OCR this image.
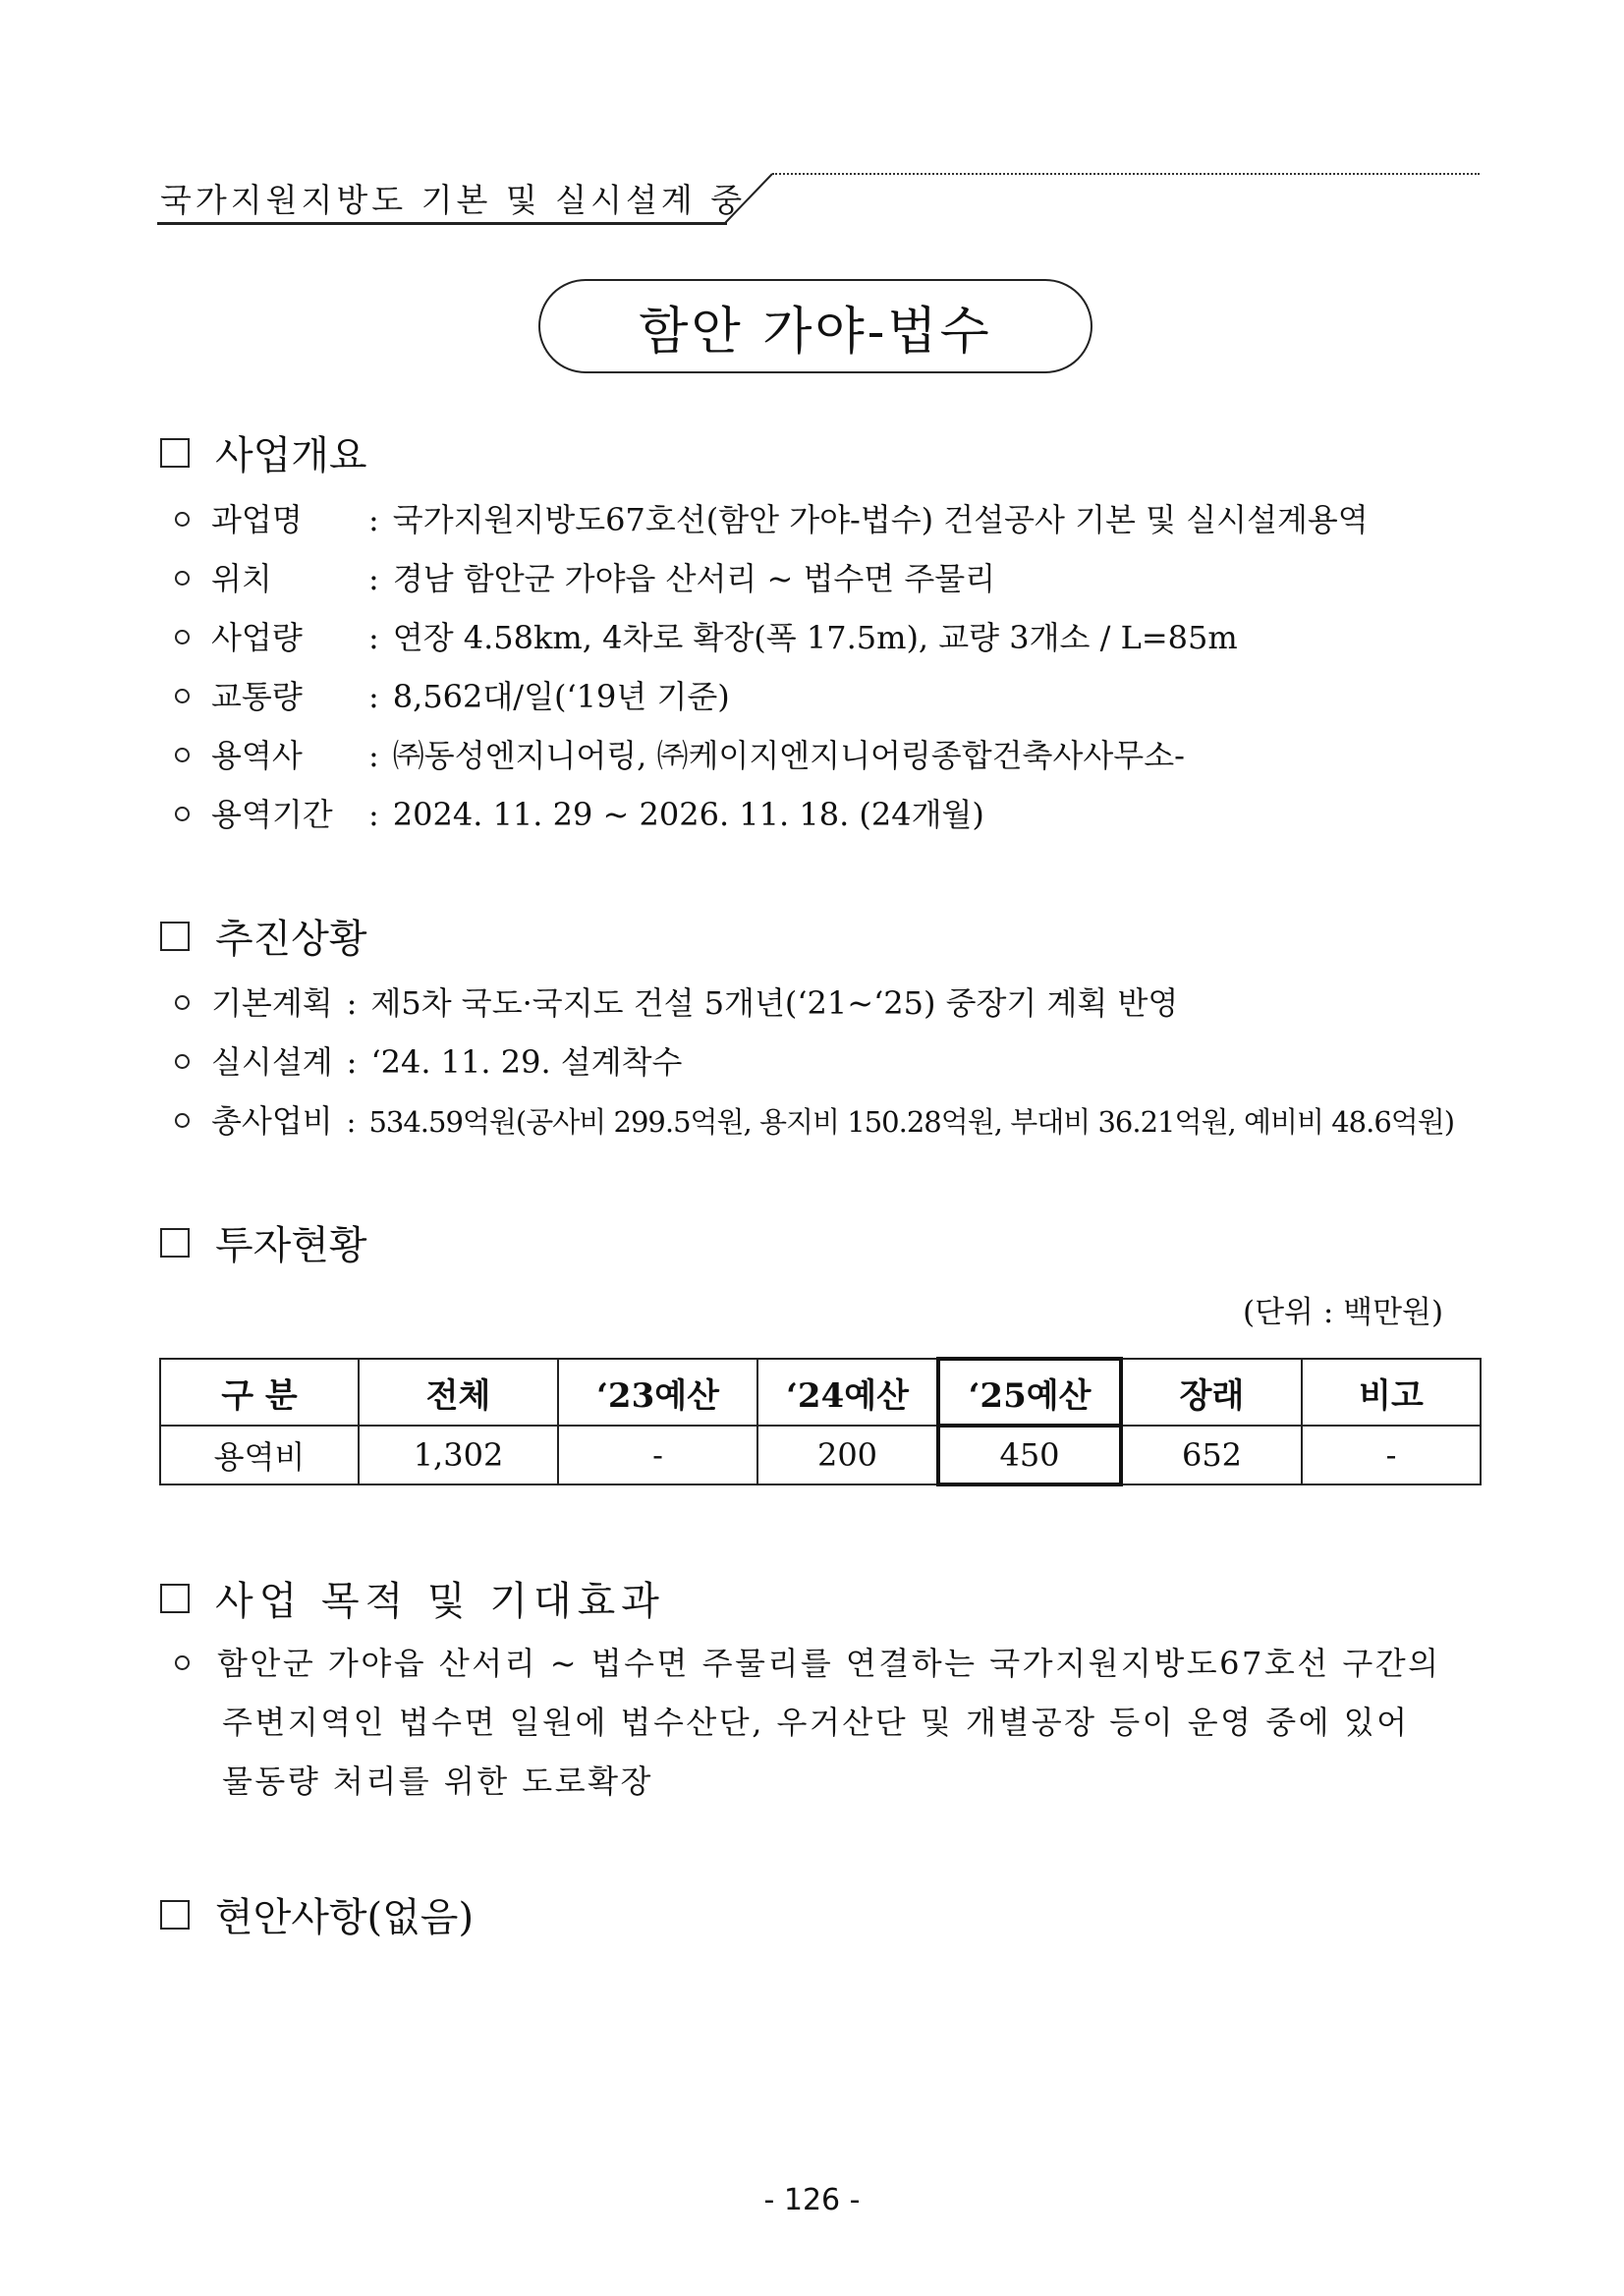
국가지원지방도 기본 및 실시설계 중
함안 가야-법수
사업개요
과업명	: 국가지원지방도67호선(함안 가야-법수) 건설공사 기본 및 실시설계용역
위치	: 경남 함안군 가야읍 산서리 ~ 법수면 주물리
사업량	: 연장 4.58km, 4차로 확장(폭 17.5m), 교량 3개소 / L=85m
교통량	: 8,562대/일(‘19년 기준)
용역사	: ㈜동성엔지니어링, ㈜케이지엔지니어링종합건축사사무소-
용역기간	: 2024. 11. 29 ~ 2026. 11. 18. (24개월)
추진상황
기본계획 : 제5차 국도·국지도 건설 5개년(‘21~‘25) 중장기 계획 반영
실시설계 : ‘24. 11. 29. 설계착수
총사업비 : 534.59억원(공사비 299.5억원, 용지비 150.28억원, 부대비 36.21억원, 예비비 48.6억원)
투자현황
(단위 : 백만원)
구 분	전체	‘23예산	‘24예산	‘25예산	장래	비고
용역비	1,302	-	200	450	652	-
사업 목적 및 기대효과
함안군 가야읍 산서리 ~ 법수면 주물리를 연결하는 국가지원지방도67호선 구간의
주변지역인 법수면 일원에 법수산단, 우거산단 및 개별공장 등이 운영 중에 있어
물동량 처리를 위한 도로확장
현안사항(없음)
- 126 -
